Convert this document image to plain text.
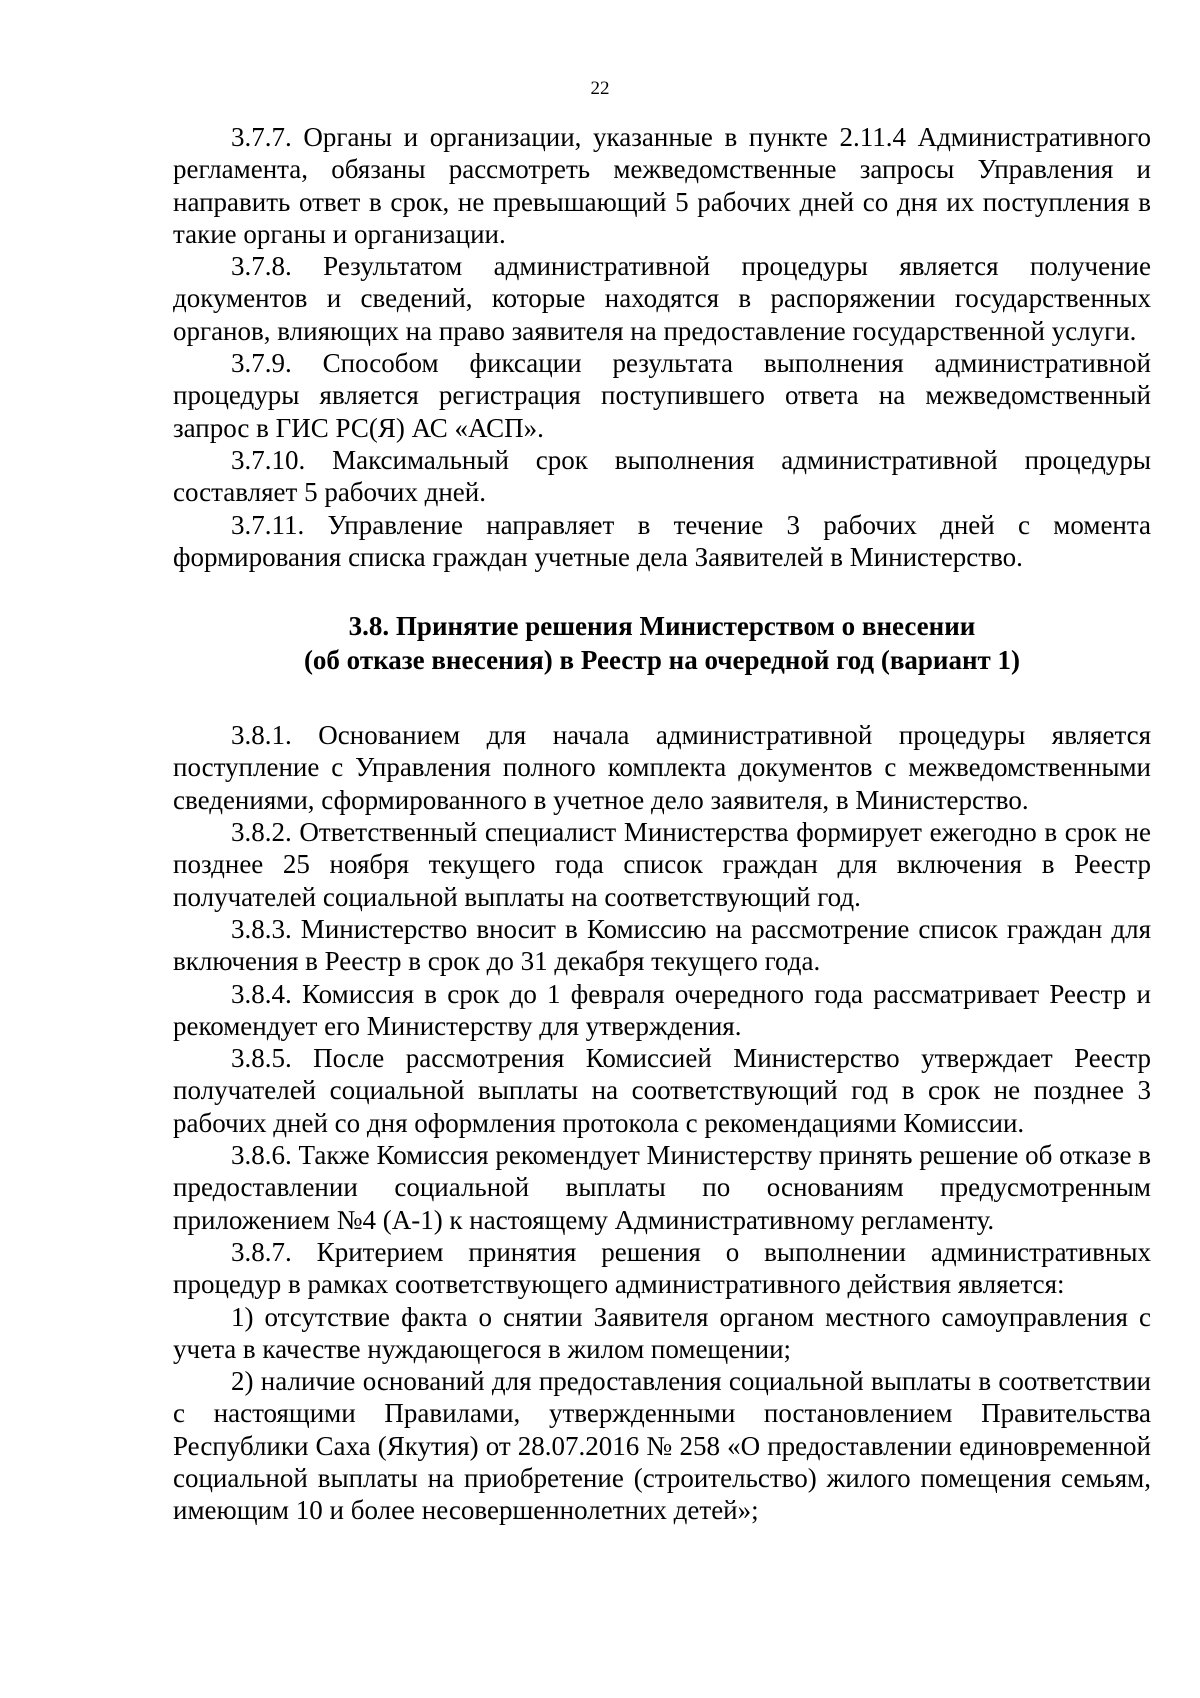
22

3.7.7. Органы и организации, указанные в пункте 2.11.4 Административного регламента, обязаны рассмотреть межведомственные запросы Управления и направить ответ в срок, не превышающий 5 рабочих дней со дня их поступления в такие органы и организации.

3.7.8. Результатом административной процедуры является получение документов и сведений, которые находятся в распоряжении государственных органов, влияющих на право заявителя на предоставление государственной услуги.

3.7.9. Способом фиксации результата выполнения административной процедуры является регистрация поступившего ответа на межведомственный запрос в ГИС РС(Я) АС «АСП».

3.7.10. Максимальный срок выполнения административной процедуры составляет 5 рабочих дней.

3.7.11. Управление направляет в течение 3 рабочих дней с момента формирования списка граждан учетные дела Заявителей в Министерство.

3.8. Принятие решения Министерством о внесении
(об отказе внесения) в Реестр на очередной год (вариант 1)

3.8.1. Основанием для начала административной процедуры является поступление с Управления полного комплекта документов с межведомственными сведениями, сформированного в учетное дело заявителя, в Министерство.

3.8.2. Ответственный специалист Министерства формирует ежегодно в срок не позднее 25 ноября текущего года список граждан для включения в Реестр получателей социальной выплаты на соответствующий год.

3.8.3. Министерство вносит в Комиссию на рассмотрение список граждан для включения в Реестр в срок до 31 декабря текущего года.

3.8.4. Комиссия в срок до 1 февраля очередного года рассматривает Реестр и рекомендует его Министерству для утверждения.

3.8.5. После рассмотрения Комиссией Министерство утверждает Реестр получателей социальной выплаты на соответствующий год в срок не позднее 3 рабочих дней со дня оформления протокола с рекомендациями Комиссии.

3.8.6. Также Комиссия рекомендует Министерству принять решение об отказе в предоставлении социальной выплаты по основаниям предусмотренным приложением №4 (А-1) к настоящему Административному регламенту.

3.8.7. Критерием принятия решения о выполнении административных процедур в рамках соответствующего административного действия является:

1) отсутствие факта о снятии Заявителя органом местного самоуправления с учета в качестве нуждающегося в жилом помещении;

2) наличие оснований для предоставления социальной выплаты в соответствии с настоящими Правилами, утвержденными постановлением Правительства Республики Саха (Якутия) от 28.07.2016 № 258 «О предоставлении единовременной социальной выплаты на приобретение (строительство) жилого помещения семьям, имеющим 10 и более несовершеннолетних детей»;
